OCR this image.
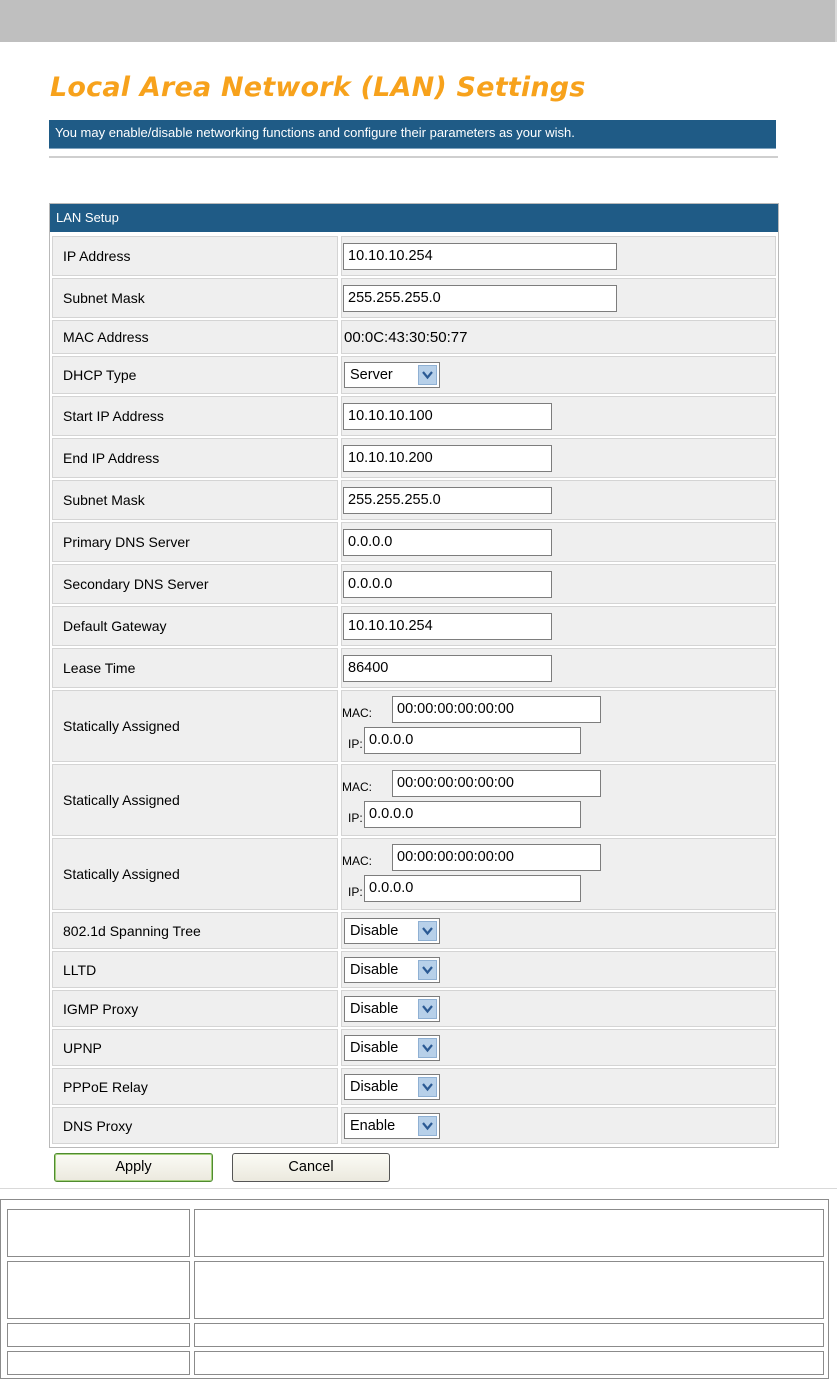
Local Area Network (LAN) Settings
You may enable/disable networking functions and configure their parameters as your wish.
LAN Setup
IP Address	10.10.10.254
Subnet Mask	255.255.255.0
MAC Address	00:0C:43:30:50:77
DHCP Type	Server
Start IP Address	10.10.10.100
End IP Address	10.10.10.200
Subnet Mask	255.255.255.0
Primary DNS Server	0.0.0.0
Secondary DNS Server	0.0.0.0
Default Gateway	10.10.10.254
Lease Time	86400
Statically Assigned
MAC:	00:00:00:00:00:00
IP: 0.0.0.0
Statically Assigned
MAC:	00:00:00:00:00:00
IP: 0.0.0.0
Statically Assigned
MAC:	00:00:00:00:00:00
IP: 0.0.0.0
802.1d Spanning Tree	Disable
LLTD	Disable
IGMP Proxy	Disable
UPNP	Disable
PPPoE Relay	Disable
DNS Proxy	Enable
Apply	Cancel
